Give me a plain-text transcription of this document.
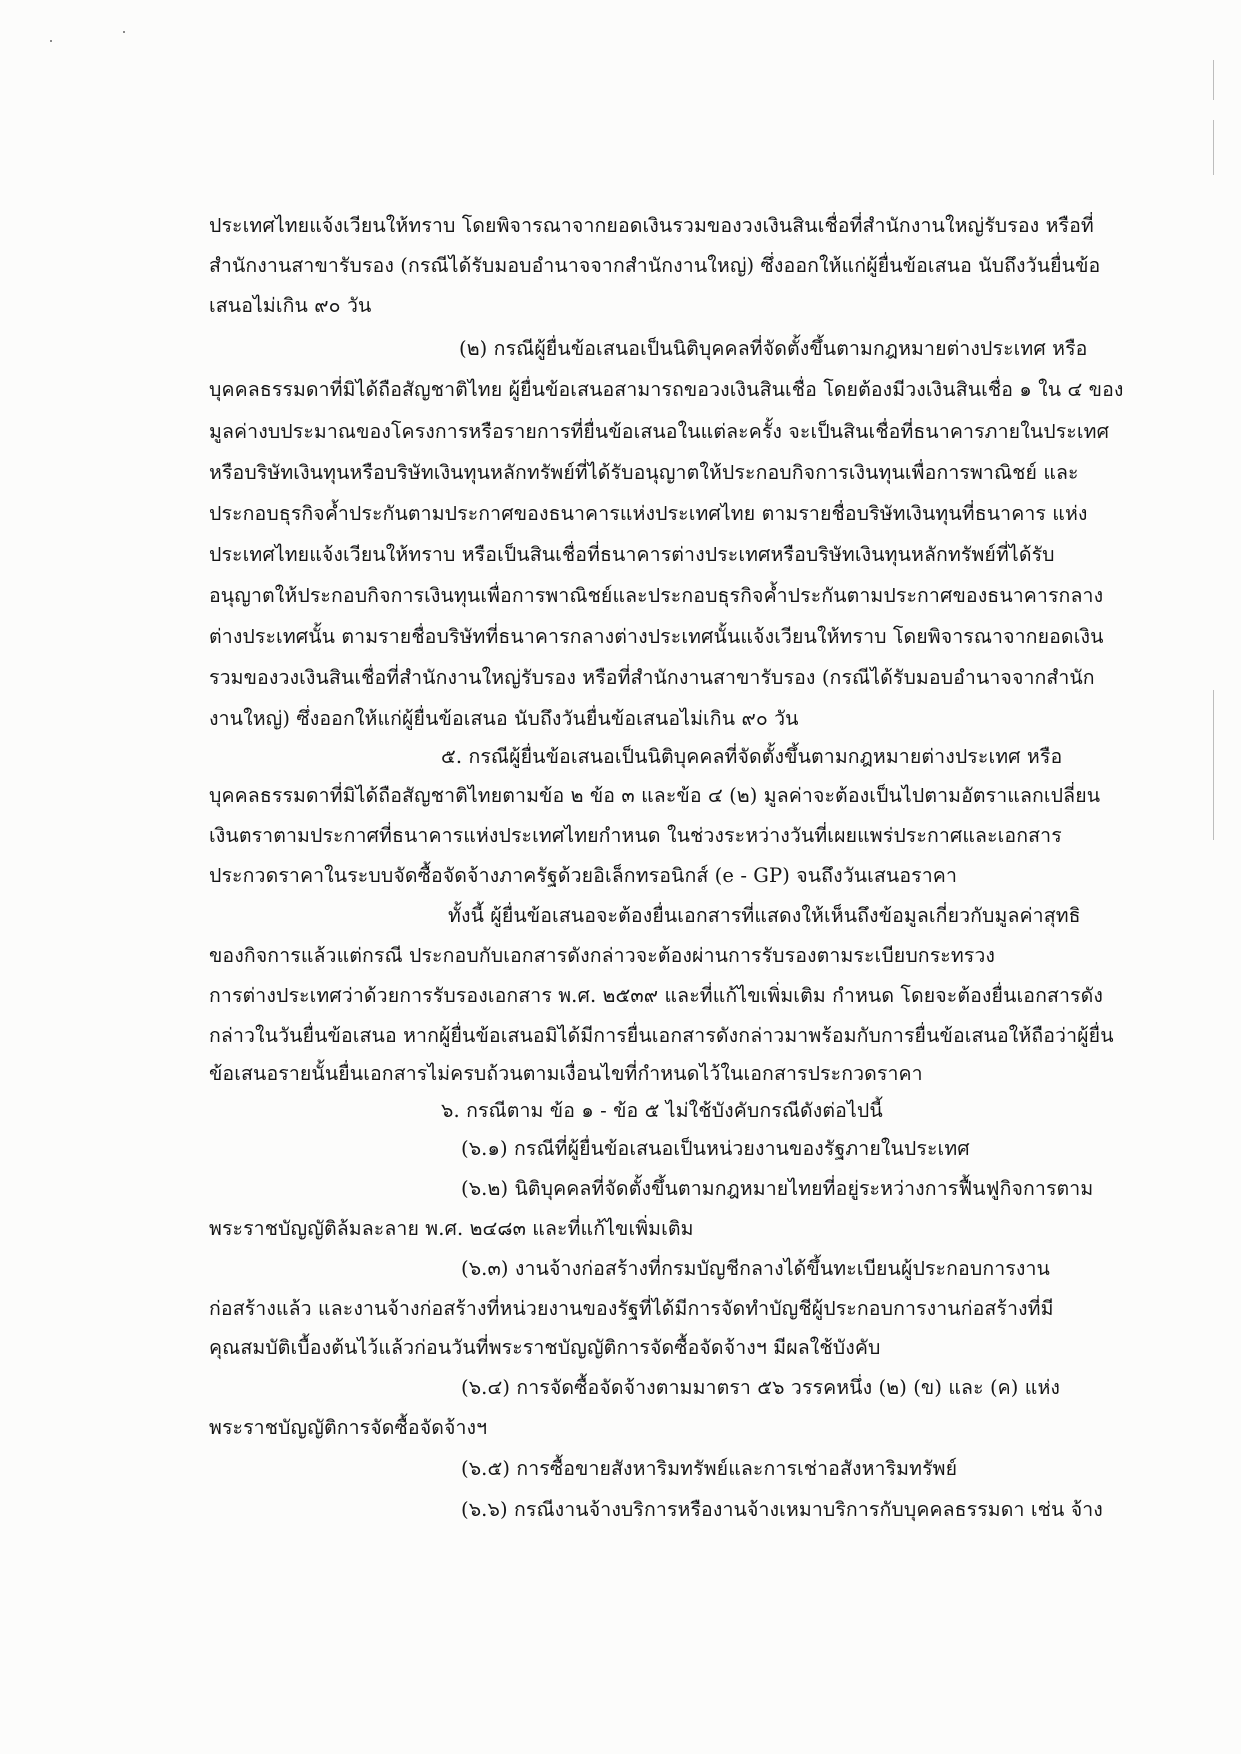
ประเทศไทยแจ้งเวียนให้ทราบ โดยพิจารณาจากยอดเงินรวมของวงเงินสินเชื่อที่สำนักงานใหญ่รับรอง หรือที่
สำนักงานสาขารับรอง (กรณีได้รับมอบอำนาจจากสำนักงานใหญ่) ซึ่งออกให้แก่ผู้ยื่นข้อเสนอ นับถึงวันยื่นข้อ
เสนอไม่เกิน ๙๐ วัน
(๒) กรณีผู้ยื่นข้อเสนอเป็นนิติบุคคลที่จัดตั้งขึ้นตามกฎหมายต่างประเทศ หรือ
บุคคลธรรมดาที่มิได้ถือสัญชาติไทย ผู้ยื่นข้อเสนอสามารถขอวงเงินสินเชื่อ โดยต้องมีวงเงินสินเชื่อ ๑ ใน ๔ ของ
มูลค่างบประมาณของโครงการหรือรายการที่ยื่นข้อเสนอในแต่ละครั้ง จะเป็นสินเชื่อที่ธนาคารภายในประเทศ
หรือบริษัทเงินทุนหรือบริษัทเงินทุนหลักทรัพย์ที่ได้รับอนุญาตให้ประกอบกิจการเงินทุนเพื่อการพาณิชย์ และ
ประกอบธุรกิจค้ำประกันตามประกาศของธนาคารแห่งประเทศไทย ตามรายชื่อบริษัทเงินทุนที่ธนาคาร แห่ง
ประเทศไทยแจ้งเวียนให้ทราบ หรือเป็นสินเชื่อที่ธนาคารต่างประเทศหรือบริษัทเงินทุนหลักทรัพย์ที่ได้รับ
อนุญาตให้ประกอบกิจการเงินทุนเพื่อการพาณิชย์และประกอบธุรกิจค้ำประกันตามประกาศของธนาคารกลาง
ต่างประเทศนั้น ตามรายชื่อบริษัทที่ธนาคารกลางต่างประเทศนั้นแจ้งเวียนให้ทราบ โดยพิจารณาจากยอดเงิน
รวมของวงเงินสินเชื่อที่สำนักงานใหญ่รับรอง หรือที่สำนักงานสาขารับรอง (กรณีได้รับมอบอำนาจจากสำนัก
งานใหญ่) ซึ่งออกให้แก่ผู้ยื่นข้อเสนอ นับถึงวันยื่นข้อเสนอไม่เกิน ๙๐ วัน
๕. กรณีผู้ยื่นข้อเสนอเป็นนิติบุคคลที่จัดตั้งขึ้นตามกฎหมายต่างประเทศ หรือ
บุคคลธรรมดาที่มิได้ถือสัญชาติไทยตามข้อ ๒ ข้อ ๓ และข้อ ๔ (๒) มูลค่าจะต้องเป็นไปตามอัตราแลกเปลี่ยน
เงินตราตามประกาศที่ธนาคารแห่งประเทศไทยกำหนด ในช่วงระหว่างวันที่เผยแพร่ประกาศและเอกสาร
ประกวดราคาในระบบจัดซื้อจัดจ้างภาครัฐด้วยอิเล็กทรอนิกส์ (e - GP) จนถึงวันเสนอราคา
ทั้งนี้ ผู้ยื่นข้อเสนอจะต้องยื่นเอกสารที่แสดงให้เห็นถึงข้อมูลเกี่ยวกับมูลค่าสุทธิ
ของกิจการแล้วแต่กรณี ประกอบกับเอกสารดังกล่าวจะต้องผ่านการรับรองตามระเบียบกระทรวง
การต่างประเทศว่าด้วยการรับรองเอกสาร พ.ศ. ๒๕๓๙ และที่แก้ไขเพิ่มเติม กำหนด โดยจะต้องยื่นเอกสารดัง
กล่าวในวันยื่นข้อเสนอ หากผู้ยื่นข้อเสนอมิได้มีการยื่นเอกสารดังกล่าวมาพร้อมกับการยื่นข้อเสนอให้ถือว่าผู้ยื่น
ข้อเสนอรายนั้นยื่นเอกสารไม่ครบถ้วนตามเงื่อนไขที่กำหนดไว้ในเอกสารประกวดราคา
๖. กรณีตาม ข้อ ๑ - ข้อ ๕ ไม่ใช้บังคับกรณีดังต่อไปนี้
(๖.๑) กรณีที่ผู้ยื่นข้อเสนอเป็นหน่วยงานของรัฐภายในประเทศ
(๖.๒) นิติบุคคลที่จัดตั้งขึ้นตามกฎหมายไทยที่อยู่ระหว่างการฟื้นฟูกิจการตาม
พระราชบัญญัติล้มละลาย พ.ศ. ๒๔๘๓ และที่แก้ไขเพิ่มเติม
(๖.๓) งานจ้างก่อสร้างที่กรมบัญชีกลางได้ขึ้นทะเบียนผู้ประกอบการงาน
ก่อสร้างแล้ว และงานจ้างก่อสร้างที่หน่วยงานของรัฐที่ได้มีการจัดทำบัญชีผู้ประกอบการงานก่อสร้างที่มี
คุณสมบัติเบื้องต้นไว้แล้วก่อนวันที่พระราชบัญญัติการจัดซื้อจัดจ้างฯ มีผลใช้บังคับ
(๖.๔) การจัดซื้อจัดจ้างตามมาตรา ๕๖ วรรคหนึ่ง (๒) (ข) และ (ค) แห่ง
พระราชบัญญัติการจัดซื้อจัดจ้างฯ
(๖.๕) การซื้อขายสังหาริมทรัพย์และการเช่าอสังหาริมทรัพย์
(๖.๖) กรณีงานจ้างบริการหรืองานจ้างเหมาบริการกับบุคคลธรรมดา เช่น จ้าง
